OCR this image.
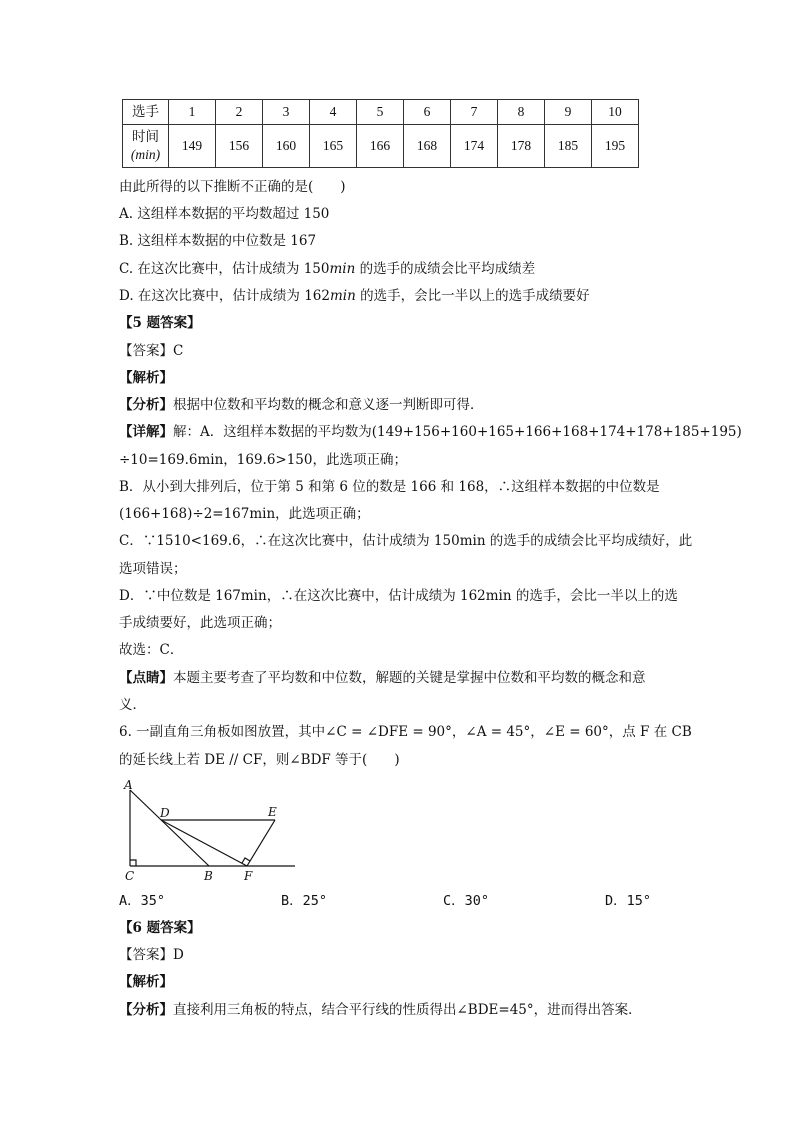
选手	1	2	3	4	5	6	7	8	9	10
时间
(min)	149	156	160	165	166	168	174	178	185	195
由此所得的以下推断不正确的是(　　)
A. 这组样本数据的平均数超过 150
B. 这组样本数据的中位数是 167
C. 在这次比赛中，估计成绩为 150min 的选手的成绩会比平均成绩差
D. 在这次比赛中，估计成绩为 162min 的选手，会比一半以上的选手成绩要好
【5 题答案】
【答案】C
【解析】
【分析】根据中位数和平均数的概念和意义逐一判断即可得．
【详解】解：A．这组样本数据的平均数为(149+156+160+165+166+168+174+178+185+195)
÷10=169.6min，169.6>150，此选项正确；
B．从小到大排列后，位于第 5 和第 6 位的数是 166 和 168，∴这组样本数据的中位数是
(166+168)÷2=167min，此选项正确；
C．∵1510<169.6，∴在这次比赛中，估计成绩为 150min 的选手的成绩会比平均成绩好，此
选项错误；
D．∵中位数是 167min，∴在这次比赛中，估计成绩为 162min 的选手，会比一半以上的选
手成绩要好，此选项正确；
故选：C．
【点睛】本题主要考查了平均数和中位数，解题的关键是掌握中位数和平均数的概念和意
义．
6. 一副直角三角板如图放置，其中∠C = ∠DFE = 90°，∠A = 45°，∠E = 60°，点 F 在 CB
的延长线上若 DE // CF，则∠BDF 等于(　　)
A
D	E
C	B	F
A．35°	B．25°	C．30°	D．15°
【6 题答案】
【答案】D
【解析】
【分析】直接利用三角板的特点，结合平行线的性质得出∠BDE=45°，进而得出答案．
